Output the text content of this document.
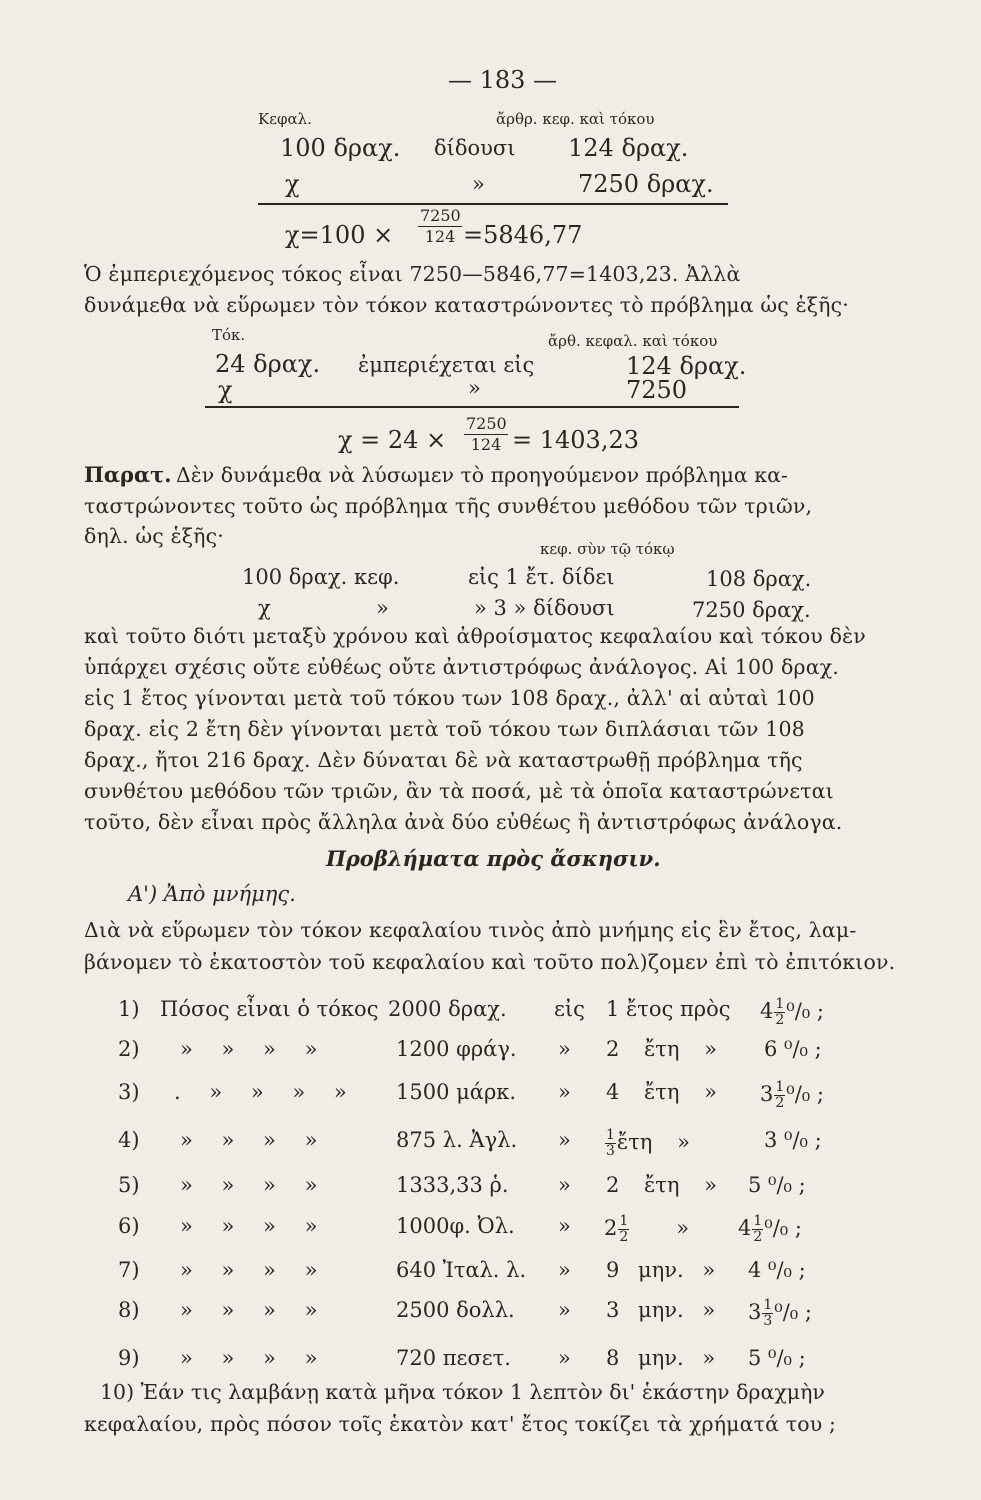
— 183 —
Κεφαλ.	ἄρθρ. κεφ. καὶ τόκου
100 δραχ. δίδουσι 124 δραχ.
χ	»	7250 δραχ.
$\chi=100 \times \frac{7250}{124} =5846,77$
Ὁ ἐμπεριεχόμενος τόκος εἶναι 7250—5846,77=1403,23. Ἀλλὰ
δυνάμεθα νὰ εὕρωμεν τὸν τόκον καταστρώνοντες τὸ πρόβλημα ὡς ἑξῆς·
Τόκ.	ἄρθ. κεφαλ. καὶ τόκου
24 δραχ. ἐμπεριέχεται εἰς	124 δραχ.
χ	»	7250
$\chi = 24 \times \frac{7250}{124} = 1403,23$
Παρατ. Δὲν δυνάμεθα νὰ λύσωμεν τὸ προηγούμενον πρόβλημα κα-
ταστρώνοντες τοῦτο ὡς πρόβλημα τῆς συνθέτου μεθόδου τῶν τριῶν,
δηλ. ὡς ἑξῆς·
κεφ. σὺν τῷ τόκῳ
100 δραχ. κεφ.	εἰς 1 ἔτ. δίδει	108 δραχ.
χ	»	» 3 » δίδουσι	7250 δραχ.
καὶ τοῦτο διότι μεταξὺ χρόνου καὶ ἀθροίσματος κεφαλαίου καὶ τόκου δὲν
ὑπάρχει σχέσις οὔτε εὐθέως οὔτε ἀντιστρόφως ἀνάλογος. Αἱ 100 δραχ.
εἰς 1 ἔτος γίνονται μετὰ τοῦ τόκου των 108 δραχ., ἀλλ' αἱ αὐταὶ 100
δραχ. εἰς 2 ἔτη δὲν γίνονται μετὰ τοῦ τόκου των διπλάσιαι τῶν 108
δραχ., ἤτοι 216 δραχ. Δὲν δύναται δὲ νὰ καταστρωθῇ πρόβλημα τῆς
συνθέτου μεθόδου τῶν τριῶν, ἂν τὰ ποσά, μὲ τὰ ὁποῖα καταστρώνεται
τοῦτο, δὲν εἶναι πρὸς ἄλληλα ἀνὰ δύο εὐθέως ἢ ἀντιστρόφως ἀνάλογα.
Προβλήματα πρὸς ἄσκησιν.
Α') Ἀπὸ μνήμης.
Διὰ νὰ εὕρωμεν τὸν τόκον κεφαλαίου τινὸς ἀπὸ μνήμης εἰς ἓν ἔτος, λαμ-
βάνομεν τὸ ἑκατοστὸν τοῦ κεφαλαίου καὶ τοῦτο πολ)ζομεν ἐπὶ τὸ ἐπιτόκιον.
1) Πόσος εἶναι ὁ τόκος 2000 δραχ. εἰς 1 ἔτος πρὸς $4 \frac{1}{2} ^0/_0$ ;
2) » » » »	1200 φράγ. » 2 ἔτη » 6 ⁰/₀ ;
3) . » » » » 1500 μάρκ. » 4 ἔτη » $3 \frac{1}{2} ^0/_0$ ;
4) » » » »	875 λ. Ἀγλ. » $\frac{1}{3}$ ἔτη »	3 ⁰/₀ ;
5) » » » »	1333,33 ῥ. » 2 ἔτη » 5 ⁰/₀ ;
6) » » » »	1000φ. Ὀλ. » $2 \frac{1}{2}$ » $4 \frac{1}{2} ^0/_0$ ;
7) » » » »	640 Ἰταλ. λ. » 9 μην. » 4 ⁰/₀ ;
8) » » » »	2500 δολλ. » 3 μην. » $3 \frac{1}{3} ^0/_0$ ;
9) » » » »	720 πεσετ. » 8 μην. » 5 ⁰/₀ ;
10) Ἐάν τις λαμβάνῃ κατὰ μῆνα τόκον 1 λεπτὸν δι' ἑκάστην δραχμὴν
κεφαλαίου, πρὸς πόσον τοῖς ἑκατὸν κατ' ἔτος τοκίζει τὰ χρήματά του ;
